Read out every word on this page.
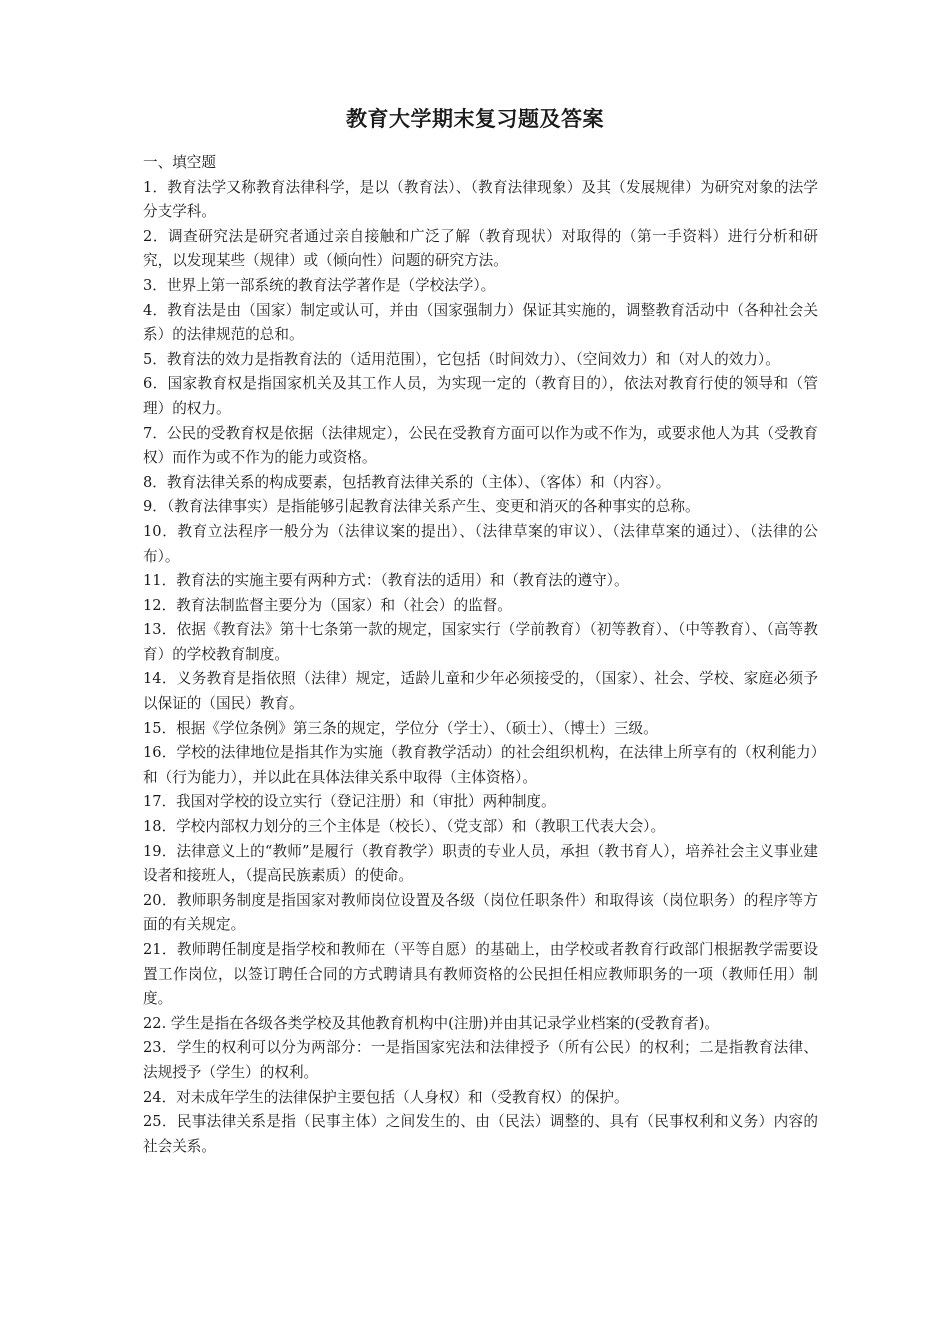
教育大学期末复习题及答案

一、填空题

1．教育法学又称教育法律科学，是以（教育法）、（教育法律现象）及其（发展规律）为研究对象的法学分支学科。

2．调查研究法是研究者通过亲自接触和广泛了解（教育现状）对取得的（第一手资料）进行分析和研究，以发现某些（规律）或（倾向性）问题的研究方法。

3．世界上第一部系统的教育法学著作是（学校法学）。

4．教育法是由（国家）制定或认可，并由（国家强制力）保证其实施的，调整教育活动中（各种社会关系）的法律规范的总和。

5．教育法的效力是指教育法的（适用范围），它包括（时间效力）、（空间效力）和（对人的效力）。

6．国家教育权是指国家机关及其工作人员，为实现一定的（教育目的），依法对教育行使的领导和（管理）的权力。

7．公民的受教育权是依据（法律规定），公民在受教育方面可以作为或不作为，或要求他人为其（受教育权）而作为或不作为的能力或资格。

8．教育法律关系的构成要素，包括教育法律关系的（主体）、（客体）和（内容）。

9．（教育法律事实）是指能够引起教育法律关系产生、变更和消灭的各种事实的总称。

10．教育立法程序一般分为（法律议案的提出）、（法律草案的审议）、（法律草案的通过）、（法律的公布）。

11．教育法的实施主要有两种方式：（教育法的适用）和（教育法的遵守）。

12．教育法制监督主要分为（国家）和（社会）的监督。

13．依据《教育法》第十七条第一款的规定，国家实行（学前教育）（初等教育）、（中等教育）、（高等教育）的学校教育制度。

14．义务教育是指依照（法律）规定，适龄儿童和少年必须接受的，（国家）、社会、学校、家庭必须予以保证的（国民）教育。

15．根据《学位条例》第三条的规定，学位分（学士）、（硕士）、（博士）三级。

16．学校的法律地位是指其作为实施（教育教学活动）的社会组织机构，在法律上所享有的（权利能力）和（行为能力），并以此在具体法律关系中取得（主体资格）。

17．我国对学校的设立实行（登记注册）和（审批）两种制度。

18．学校内部权力划分的三个主体是（校长）、（党支部）和（教职工代表大会）。

19．法律意义上的“教师”是履行（教育教学）职责的专业人员，承担（教书育人），培养社会主义事业建设者和接班人，（提高民族素质）的使命。

20．教师职务制度是指国家对教师岗位设置及各级（岗位任职条件）和取得该（岗位职务）的程序等方面的有关规定。

21．教师聘任制度是指学校和教师在（平等自愿）的基础上，由学校或者教育行政部门根据教学需要设置工作岗位，以签订聘任合同的方式聘请具有教师资格的公民担任相应教师职务的一项（教师任用）制度。

22. 学生是指在各级各类学校及其他教育机构中(注册)并由其记录学业档案的(受教育者)。

23．学生的权利可以分为两部分：一是指国家宪法和法律授予（所有公民）的权利；二是指教育法律、法规授予（学生）的权利。

24．对未成年学生的法律保护主要包括（人身权）和（受教育权）的保护。

25．民事法律关系是指（民事主体）之间发生的、由（民法）调整的、具有（民事权利和义务）内容的社会关系。
